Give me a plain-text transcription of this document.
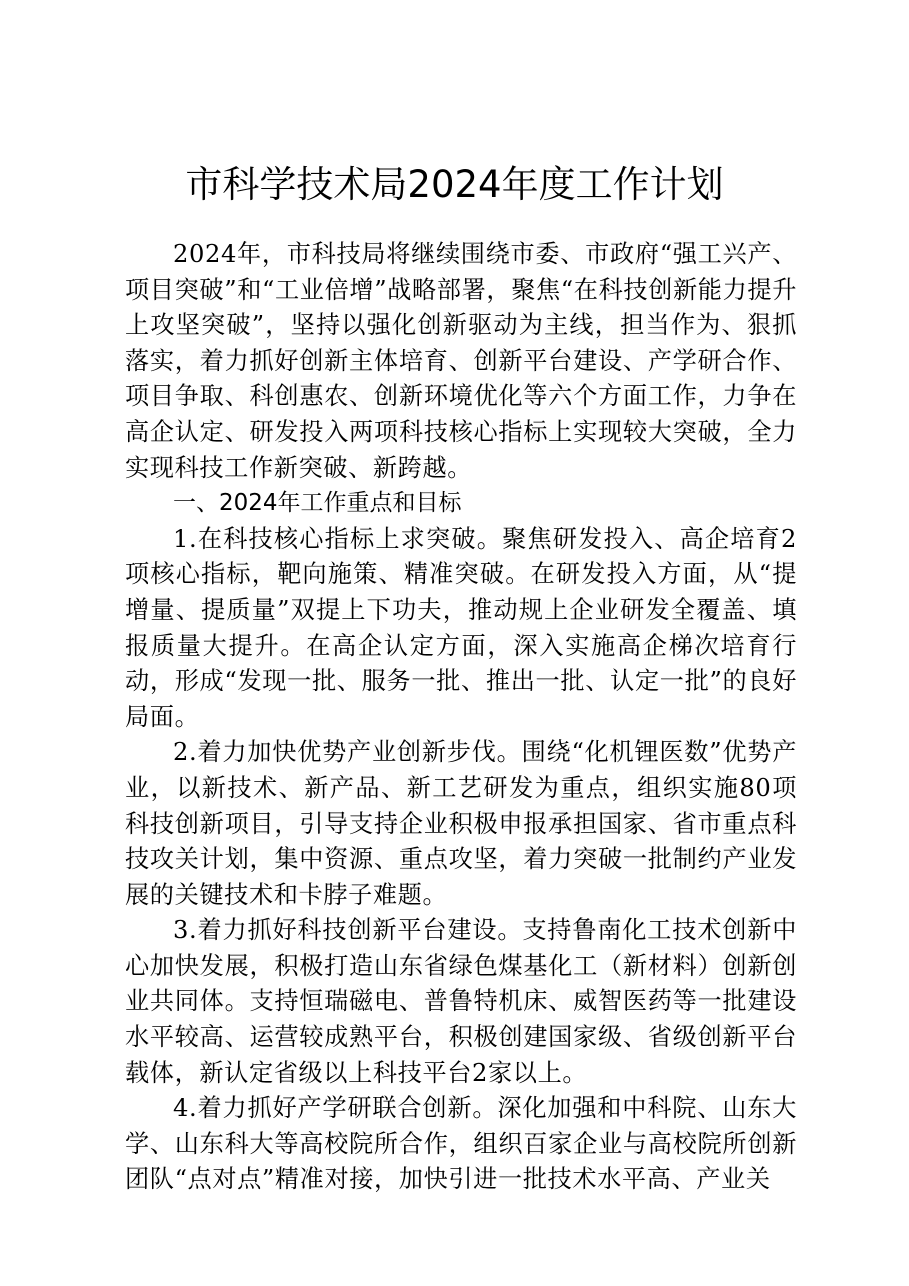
市科学技术局2024年度工作计划

2024年，市科技局将继续围绕市委、市政府“强工兴产、项目突破”和“工业倍增”战略部署，聚焦“在科技创新能力提升上攻坚突破”，坚持以强化创新驱动为主线，担当作为、狠抓落实，着力抓好创新主体培育、创新平台建设、产学研合作、项目争取、科创惠农、创新环境优化等六个方面工作，力争在高企认定、研发投入两项科技核心指标上实现较大突破，全力实现科技工作新突破、新跨越。

一、2024年工作重点和目标

1.在科技核心指标上求突破。聚焦研发投入、高企培育2项核心指标，靶向施策、精准突破。在研发投入方面，从“提增量、提质量”双提上下功夫，推动规上企业研发全覆盖、填报质量大提升。在高企认定方面，深入实施高企梯次培育行动，形成“发现一批、服务一批、推出一批、认定一批”的良好局面。

2.着力加快优势产业创新步伐。围绕“化机锂医数”优势产业，以新技术、新产品、新工艺研发为重点，组织实施80项科技创新项目，引导支持企业积极申报承担国家、省市重点科技攻关计划，集中资源、重点攻坚，着力突破一批制约产业发展的关键技术和卡脖子难题。

3.着力抓好科技创新平台建设。支持鲁南化工技术创新中心加快发展，积极打造山东省绿色煤基化工（新材料）创新创业共同体。支持恒瑞磁电、普鲁特机床、威智医药等一批建设水平较高、运营较成熟平台，积极创建国家级、省级创新平台载体，新认定省级以上科技平台2家以上。

4.着力抓好产学研联合创新。深化加强和中科院、山东大学、山东科大等高校院所合作，组织百家企业与高校院所创新团队“点对点”精准对接，加快引进一批技术水平高、产业关
